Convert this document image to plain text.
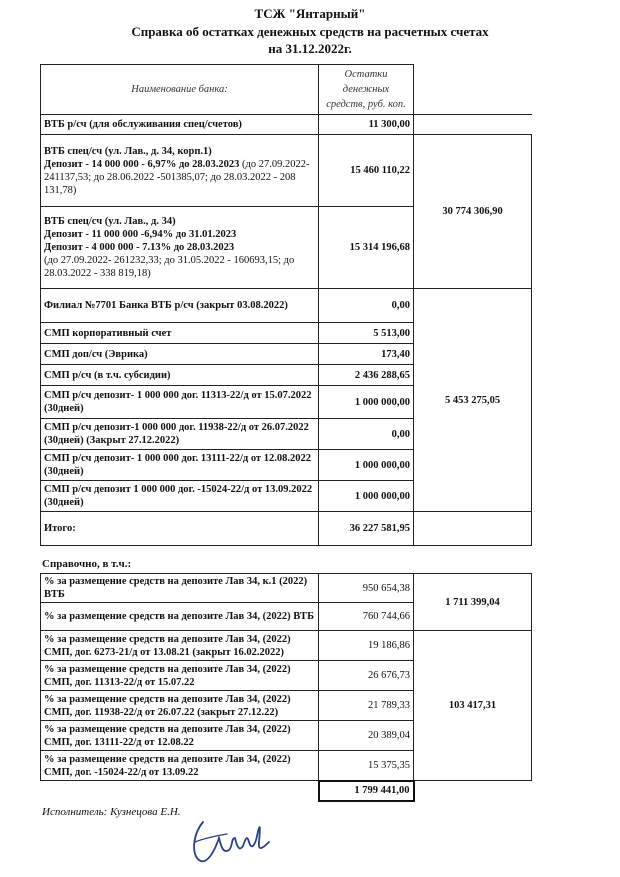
ТСЖ "Янтарный"
Справка об остатках денежных средств на расчетных счетах
на 31.12.2022г.
Наименование банка:	Остатки денежных средств, руб. коп.	
ВТБ р/сч (для обслуживания спец/счетов)	11 300,00	

ВТБ спец/сч (ул. Лав., д. 34, корп.1)
Депозит - 14 000 000 - 6,97% до 28.03.2023 (до 27.09.2022- 241137,53; до 28.06.2022 -501385,07; до 28.03.2022 - 208 131,78)	15 460 110,22	30 774 306,90

ВТБ спец/сч (ул. Лав., д. 34)
Депозит - 11 000 000 -6,94% до 31.01.2023
Депозит - 4 000 000 - 7.13% до 28.03.2023
(до 27.09.2022- 261232,33; до 31.05.2022 - 160693,15; до 28.03.2022 - 338 819,18)	15 314 196,68	
Филиал №7701 Банка ВТБ р/сч (закрыт 03.08.2022)	0,00	5 453 275,05
СМП корпоративный счет	5 513,00	
СМП доп/сч (Эврика)	173,40	
СМП р/сч (в т.ч. субсидии)	2 436 288,65	
СМП р/сч депозит- 1 000 000 дог. 11313-22/д от 15.07.2022 (30дней)	1 000 000,00	
СМП р/сч депозит-1 000 000 дог. 11938-22/д от 26.07.2022 (30дней) (Закрыт 27.12.2022)	0,00	
СМП р/сч депозит- 1 000 000 дог. 13111-22/д от 12.08.2022 (30дней)	1 000 000,00	
СМП р/сч депозит 1 000 000 дог. -15024-22/д от 13.09.2022 (30дней)	1 000 000,00	
Итого:	36 227 581,95	
Справочно, в т.ч.:
% за размещение средств на депозите Лав 34, к.1 (2022) ВТБ	950 654,38	1 711 399,04
% за размещение средств на депозите Лав 34, (2022) ВТБ	760 744,66	
% за размещение средств на депозите Лав 34, (2022) СМП, дог. 6273-21/д от 13.08.21 (закрыт 16.02.2022)	19 186,86	103 417,31
% за размещение средств на депозите Лав 34, (2022) СМП, дог. 11313-22/д от 15.07.22	26 676,73	
% за размещение средств на депозите Лав 34, (2022) СМП, дог. 11938-22/д от 26.07.22 (закрыт 27.12.22)	21 789,33	
% за размещение средств на депозите Лав 34, (2022) СМП, дог. 13111-22/д от 12.08.22	20 389,04	
% за размещение средств на депозите Лав 34, (2022) СМП, дог. -15024-22/д от 13.09.22	15 375,35	
	1 799 441,00	
Исполнитель: Кузнецова Е.Н.
